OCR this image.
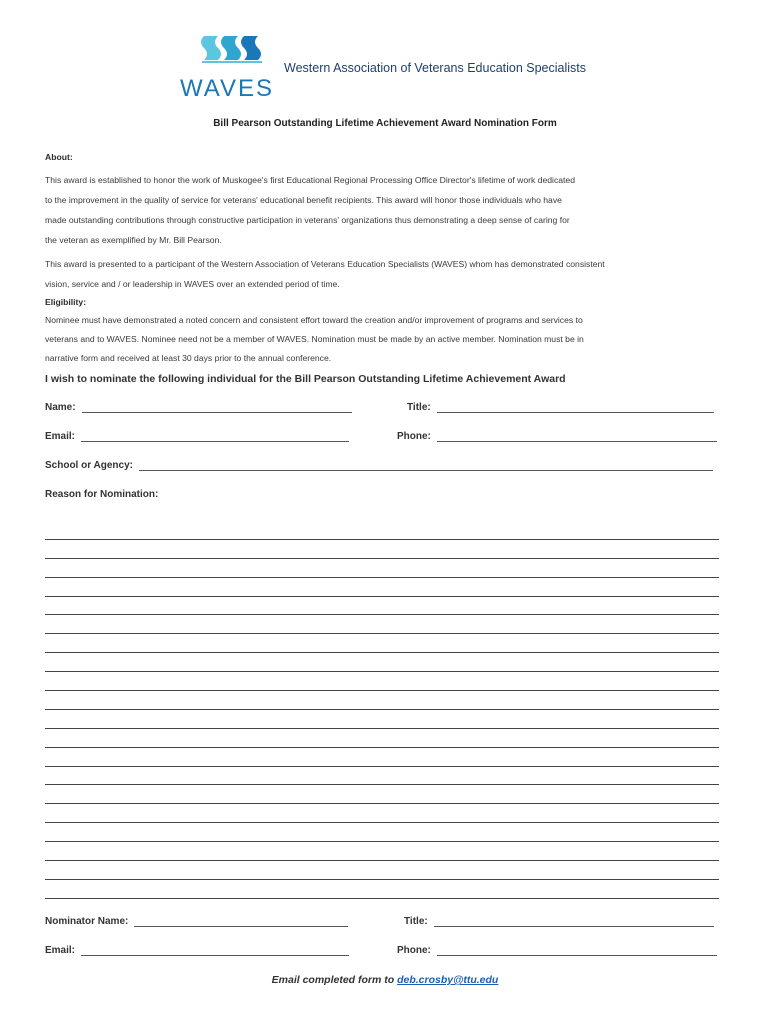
WAVES
Western Association of Veterans Education Specialists
Bill Pearson Outstanding Lifetime Achievement Award Nomination Form
About:

This award is established to honor the work of Muskogee's first Educational Regional Processing Office Director's lifetime of work dedicated

to the improvement in the quality of service for veterans' educational benefit recipients. This award will honor those individuals who have

made outstanding contributions through constructive participation in veterans' organizations thus demonstrating a deep sense of caring for

the veteran as exemplified by Mr. Bill Pearson.

This award is presented to a participant of the Western Association of Veterans Education Specialists (WAVES) whom has demonstrated consistent

vision, service and / or leadership in WAVES over an extended period of time.

Eligibility:

Nominee must have demonstrated a noted concern and consistent effort toward the creation and/or improvement of programs and services to

veterans and to WAVES. Nominee need not be a member of WAVES. Nomination must be made by an active member. Nomination must be in

narrative form and received at least 30 days prior to the annual conference.

I wish to nominate the following individual for the Bill Pearson Outstanding Lifetime Achievement Award
Name:	Title:
Email:	Phone:
School or Agency:
Reason for Nomination:
Nominator Name:	Title:
Email:	Phone:
Email completed form to deb.crosby@ttu.edu
